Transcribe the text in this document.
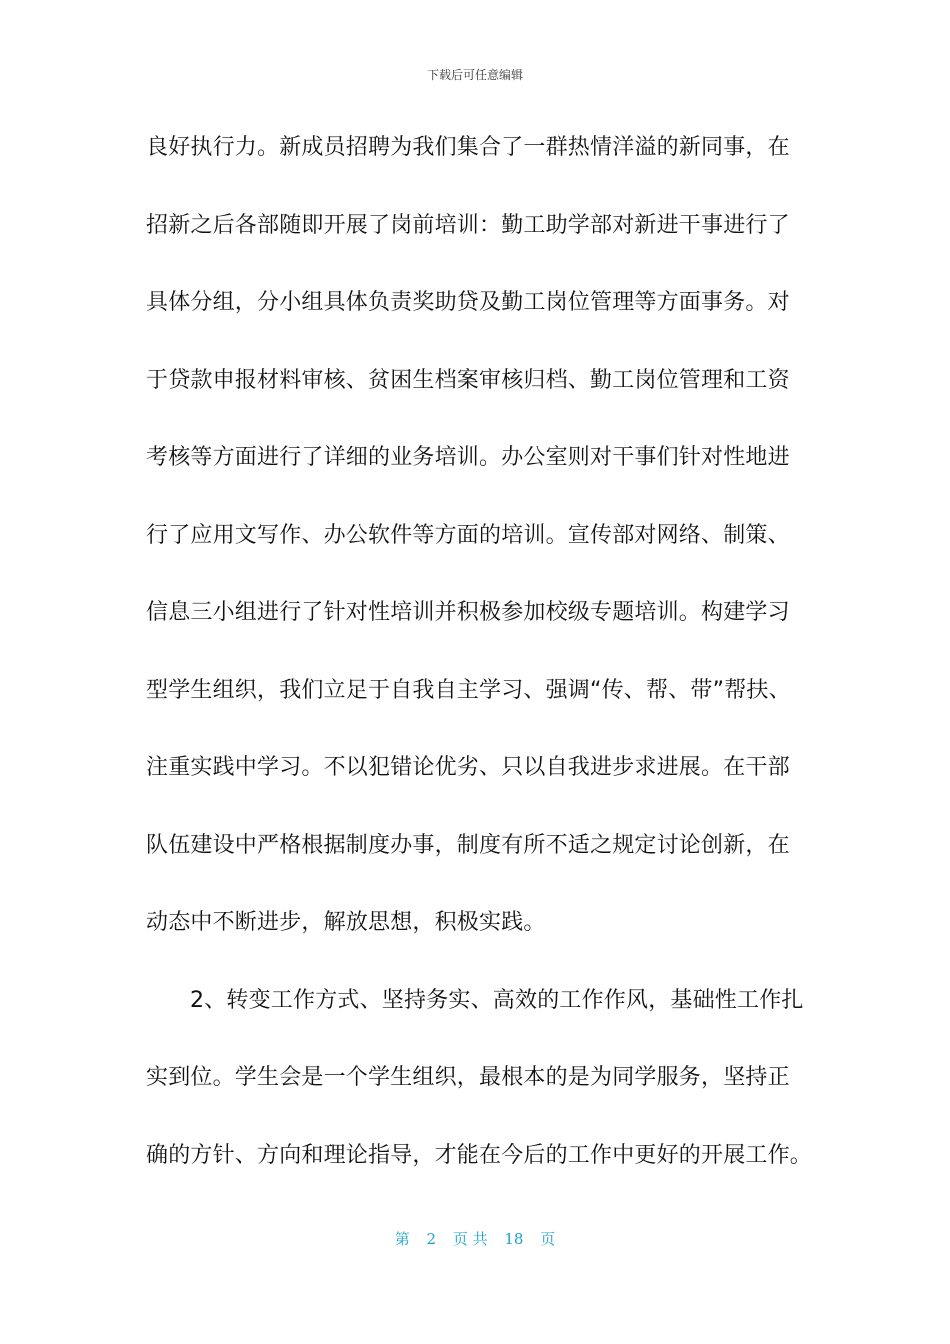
下载后可任意编辑
良好执行力。新成员招聘为我们集合了一群热情洋溢的新同事，在
招新之后各部随即开展了岗前培训：勤工助学部对新进干事进行了
具体分组，分小组具体负责奖助贷及勤工岗位管理等方面事务。对
于贷款申报材料审核、贫困生档案审核归档、勤工岗位管理和工资
考核等方面进行了详细的业务培训。办公室则对干事们针对性地进
行了应用文写作、办公软件等方面的培训。宣传部对网络、制策、
信息三小组进行了针对性培训并积极参加校级专题培训。构建学习
型学生组织，我们立足于自我自主学习、强调“传、帮、带”帮扶、
注重实践中学习。不以犯错论优劣、只以自我进步求进展。在干部
队伍建设中严格根据制度办事，制度有所不适之规定讨论创新，在
动态中不断进步，解放思想，积极实践。
2、转变工作方式、坚持务实、高效的工作作风，基础性工作扎
实到位。学生会是一个学生组织，最根本的是为同学服务，坚持正
确的方针、方向和理论指导，才能在今后的工作中更好的开展工作。
第 2 页 共 18 页
